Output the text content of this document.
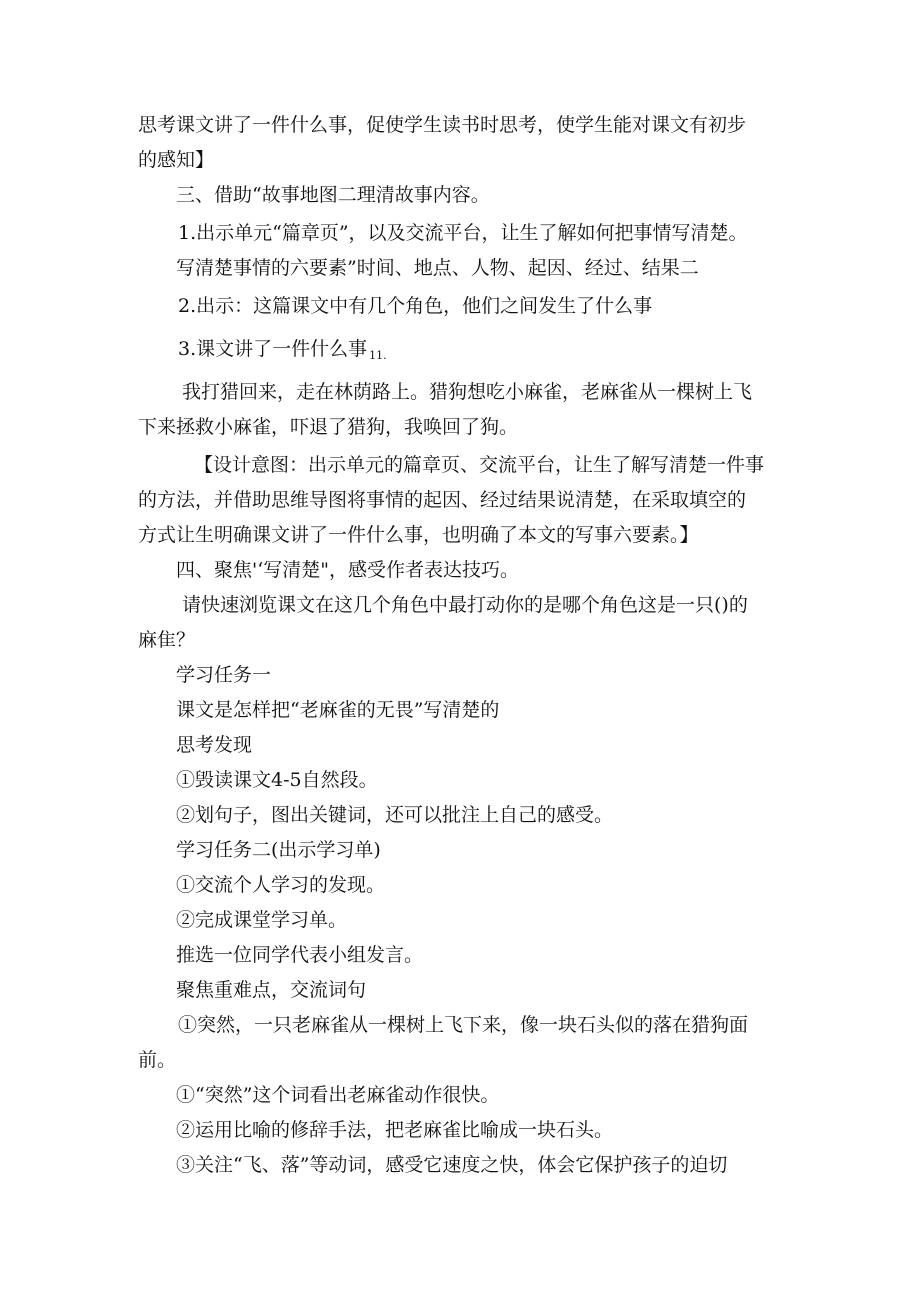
思考课文讲了一件什么事，促使学生读书时思考，使学生能对课文有初步
的感知】
三、借助“故事地图二理清故事内容。
1.出示单元“篇章页”，以及交流平台，让生了解如何把事情写清楚。
写清楚事情的六要素”时间、地点、人物、起因、经过、结果二
2.出示：这篇课文中有几个角色，他们之间发生了什么事
3.课文讲了一件什么事 $_{11.}$
我打猎回来，走在林荫路上。猎狗想吃小麻雀，老麻雀从一棵树上飞
下来拯救小麻雀，吓退了猎狗，我唤回了狗。
【设计意图：出示单元的篇章页、交流平台，让生了解写清楚一件事
的方法，并借助思维导图将事情的起因、经过结果说清楚，在采取填空的
方式让生明确课文讲了一件什么事，也明确了本文的写事六要素。】
四、聚焦'‘写清楚"，感受作者表达技巧。
请快速浏览课文在这几个角色中最打动你的是哪个角色这是一只()的
麻隹？
学习任务一
课文是怎样把“老麻雀的无畏”写清楚的
思考发现
①毁读课文4-5自然段。
②划句子，图出关键词，还可以批注上自己的感受。
学习任务二(出示学习单)
①交流个人学习的发现。
②完成课堂学习单。
推选一位同学代表小组发言。
聚焦重难点，交流词句
①突然，一只老麻雀从一棵树上飞下来，像一块石头似的落在猎狗面
前。
①“突然”这个词看出老麻雀动作很快。
②运用比喻的修辞手法，把老麻雀比喻成一块石头。
③关注“飞、落”等动词，感受它速度之快，体会它保护孩子的迫切
